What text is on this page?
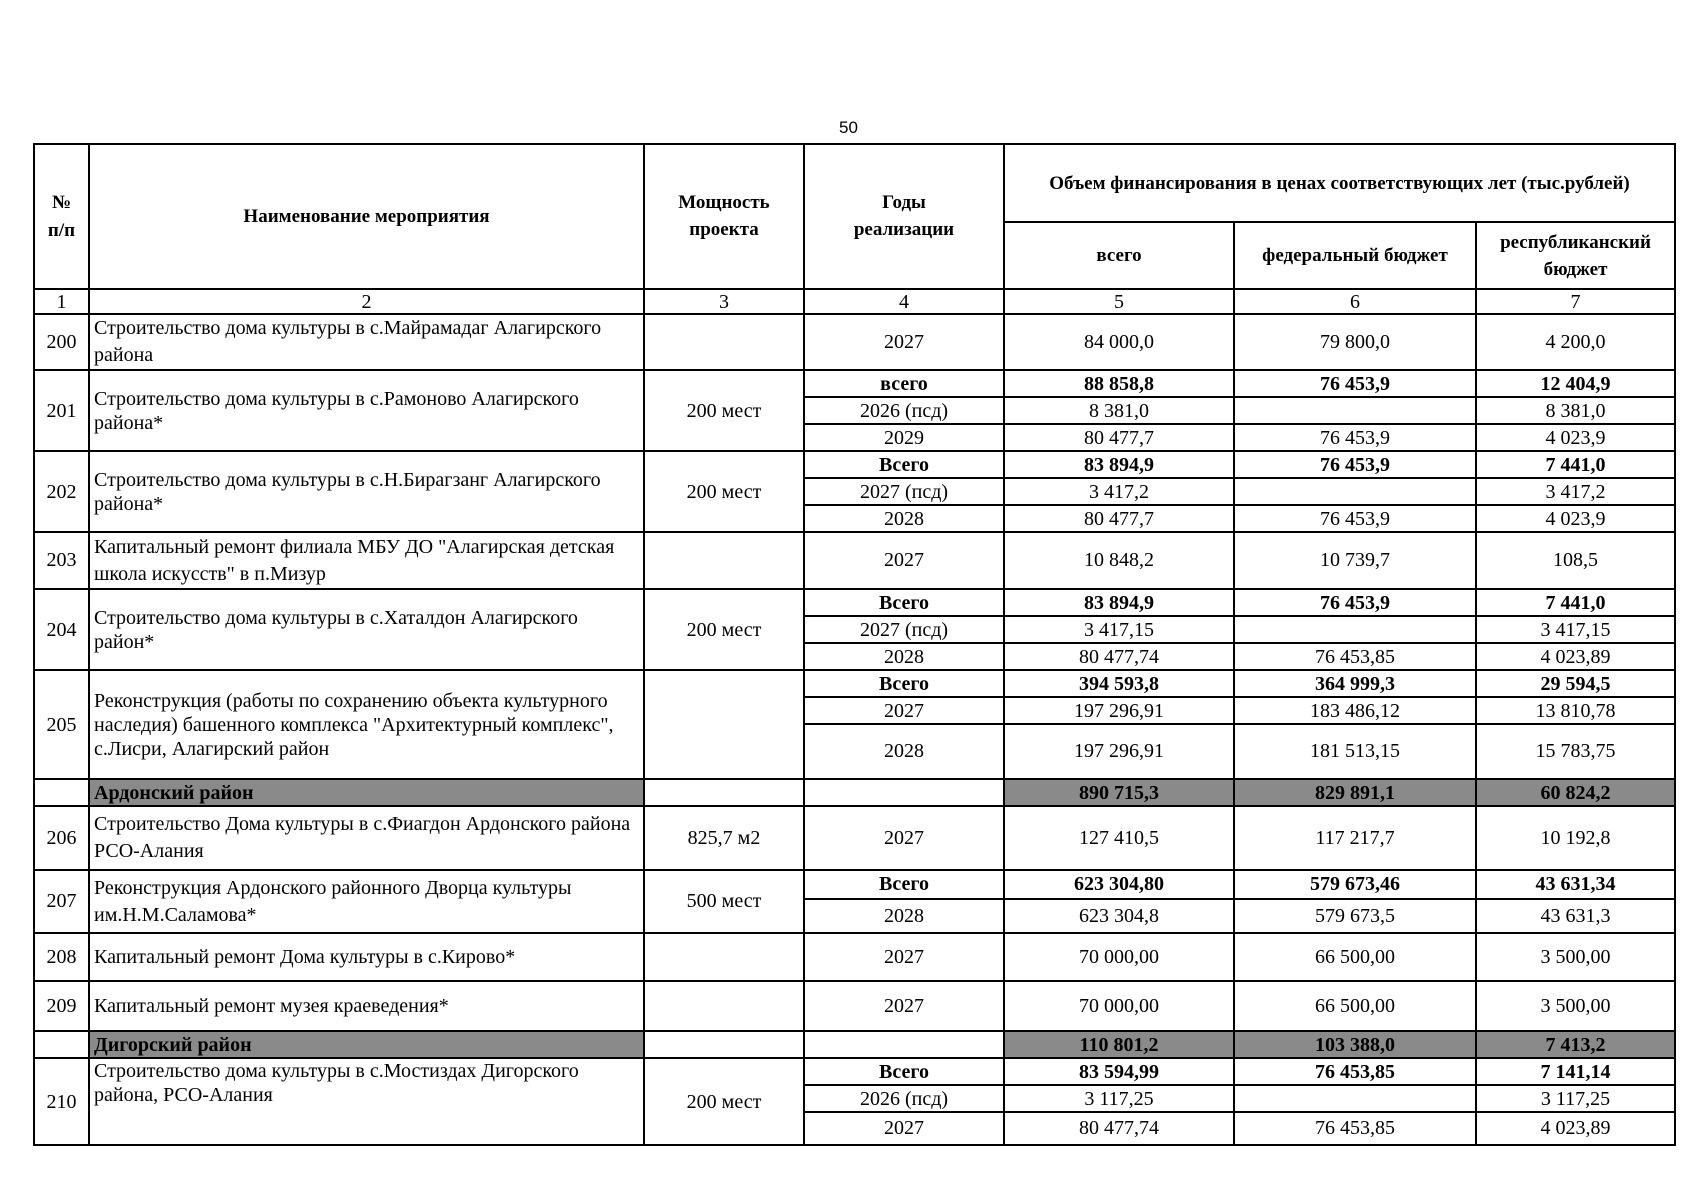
50
№ п/п	Наименование мероприятия	Мощность проекта	Годы реализации	Объем финансирования в ценах соответствующих лет (тыс.рублей)		
				всего	федеральный бюджет	республиканский бюджет
1	2	3	4	5	6	7
200	Строительство дома культуры в с.Майрамадаг Алагирского района		2027	84 000,0	79 800,0	4 200,0
201	Строительство дома культуры в с.Рамоново Алагирского района*	200 мест	всего	88 858,8	76 453,9	12 404,9
			2026 (псд)	8 381,0		8 381,0
			2029	80 477,7	76 453,9	4 023,9
202	Строительство дома культуры в с.Н.Бирагзанг Алагирского района*	200 мест	Всего	83 894,9	76 453,9	7 441,0
			2027 (псд)	3 417,2		3 417,2
			2028	80 477,7	76 453,9	4 023,9
203	Капитальный ремонт филиала МБУ ДО "Алагирская детская школа искусств" в п.Мизур		2027	10 848,2	10 739,7	108,5
204	Строительство дома культуры в с.Хаталдон Алагирского район*	200 мест	Всего	83 894,9	76 453,9	7 441,0
			2027 (псд)	3 417,15		3 417,15
			2028	80 477,74	76 453,85	4 023,89
205	Реконструкция (работы по сохранению объекта культурного наследия) башенного комплекса "Архитектурный комплекс", с.Лисри, Алагирский район		Всего	394 593,8	364 999,3	29 594,5
			2027	197 296,91	183 486,12	13 810,78
			2028	197 296,91	181 513,15	15 783,75
	Ардонский район			890 715,3	829 891,1	60 824,2
206	Строительство Дома культуры в с.Фиагдон Ардонского района РСО-Алания	825,7 м2	2027	127 410,5	117 217,7	10 192,8
207	Реконструкция Ардонского районного Дворца культуры им.Н.М.Саламова*	500 мест	Всего	623 304,80	579 673,46	43 631,34
			2028	623 304,8	579 673,5	43 631,3
208	Капитальный ремонт Дома культуры в с.Кирово*		2027	70 000,00	66 500,00	3 500,00
209	Капитальный ремонт музея краеведения*		2027	70 000,00	66 500,00	3 500,00
	Дигорский район			110 801,2	103 388,0	7 413,2
210	Строительство дома культуры в с.Мостиздах Дигорского района, РСО-Алания	200 мест	Всего	83 594,99	76 453,85	7 141,14
			2026 (псд)	3 117,25		3 117,25
			2027	80 477,74	76 453,85	4 023,89
